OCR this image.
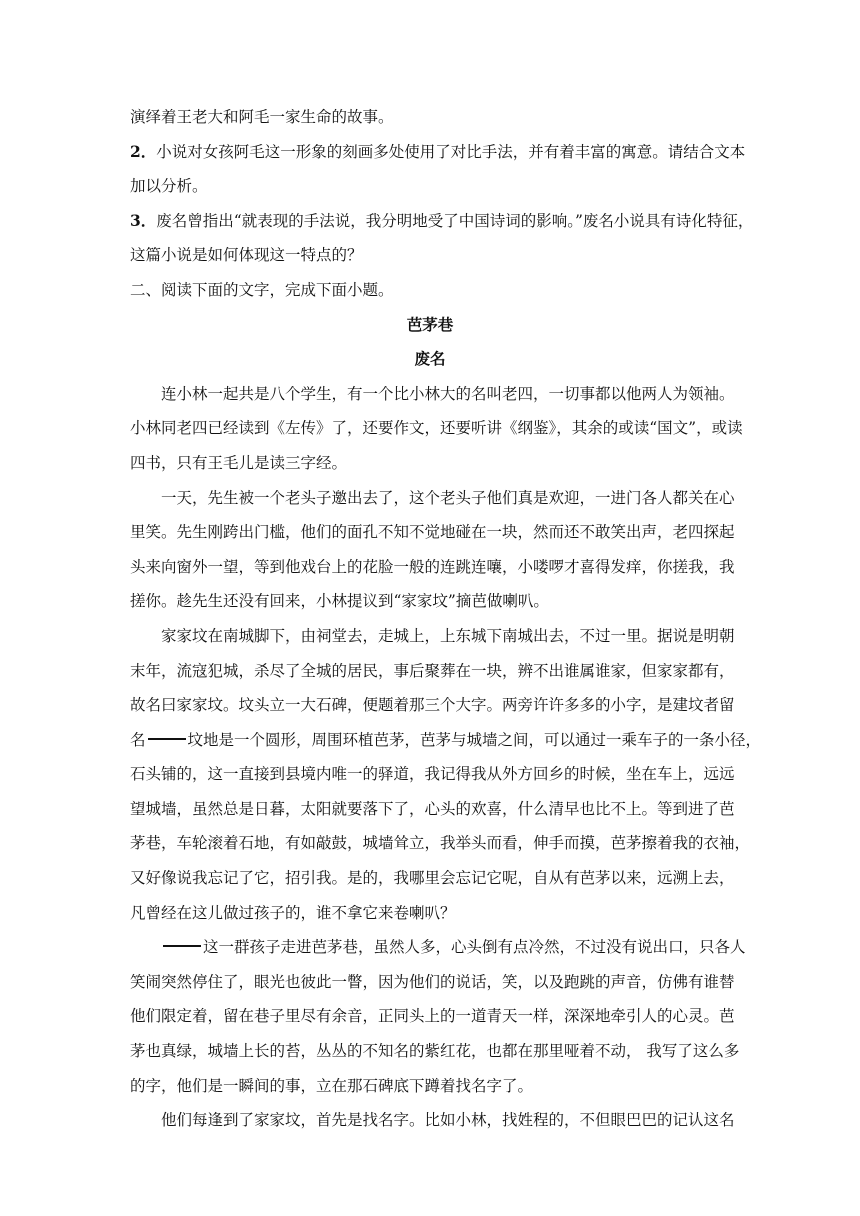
演绎着王老大和阿毛一家生命的故事。
2．小说对女孩阿毛这一形象的刻画多处使用了对比手法，并有着丰富的寓意。请结合文本
加以分析。
3．废名曾指出“就表现的手法说，我分明地受了中国诗词的影响。”废名小说具有诗化特征，
这篇小说是如何体现这一特点的？
二、阅读下面的文字，完成下面小题。
芭茅巷
废名
连小林一起共是八个学生，有一个比小林大的名叫老四，一切事都以他两人为领袖。
小林同老四已经读到《左传》了，还要作文，还要听讲《纲鉴》，其余的或读“国文”，或读
四书，只有王毛儿是读三字经。
一天，先生被一个老头子邀出去了，这个老头子他们真是欢迎，一进门各人都关在心
里笑。先生刚跨出门槛，他们的面孔不知不觉地碰在一块，然而还不敢笑出声，老四探起
头来向窗外一望，等到他戏台上的花脸一般的连跳连嚷，小喽啰才喜得发痒，你搓我，我
搓你。趁先生还没有回来，小林提议到“家家坟”摘芭做喇叭。
家家坟在南城脚下，由祠堂去，走城上，上东城下南城出去，不过一里。据说是明朝
末年，流寇犯城，杀尽了全城的居民，事后聚葬在一块，辨不出谁属谁家，但家家都有，
故名曰家家坟。坟头立一大石碑，便题着那三个大字。两旁许许多多的小字，是建坟者留
名	坟地是一个圆形，周围环植芭茅，芭茅与城墙之间，可以通过一乘车子的一条小径，
石头铺的，这一直接到县境内唯一的驿道，我记得我从外方回乡的时候，坐在车上，远远
望城墙，虽然总是日暮，太阳就要落下了，心头的欢喜，什么清早也比不上。等到进了芭
茅巷，车轮滚着石地，有如敲鼓，城墙耸立，我举头而看，伸手而摸，芭茅擦着我的衣袖，
又好像说我忘记了它，招引我。是的，我哪里会忘记它呢，自从有芭茅以来，远溯上去，
凡曾经在这儿做过孩子的，谁不拿它来卷喇叭？
这一群孩子走进芭茅巷，虽然人多，心头倒有点冷然，不过没有说出口，只各人
笑闹突然停住了，眼光也彼此一瞥，因为他们的说话，笑，以及跑跳的声音，仿佛有谁替
他们限定着，留在巷子里尽有余音，正同头上的一道青天一样，深深地牵引人的心灵。芭
茅也真绿，城墙上长的苔，丛丛的不知名的紫红花，也都在那里哑着不动， 我写了这么多
的字，他们是一瞬间的事，立在那石碑底下蹲着找名字了。
他们每逢到了家家坟，首先是找名字。比如小林，找姓程的，不但眼巴巴的记认这名
